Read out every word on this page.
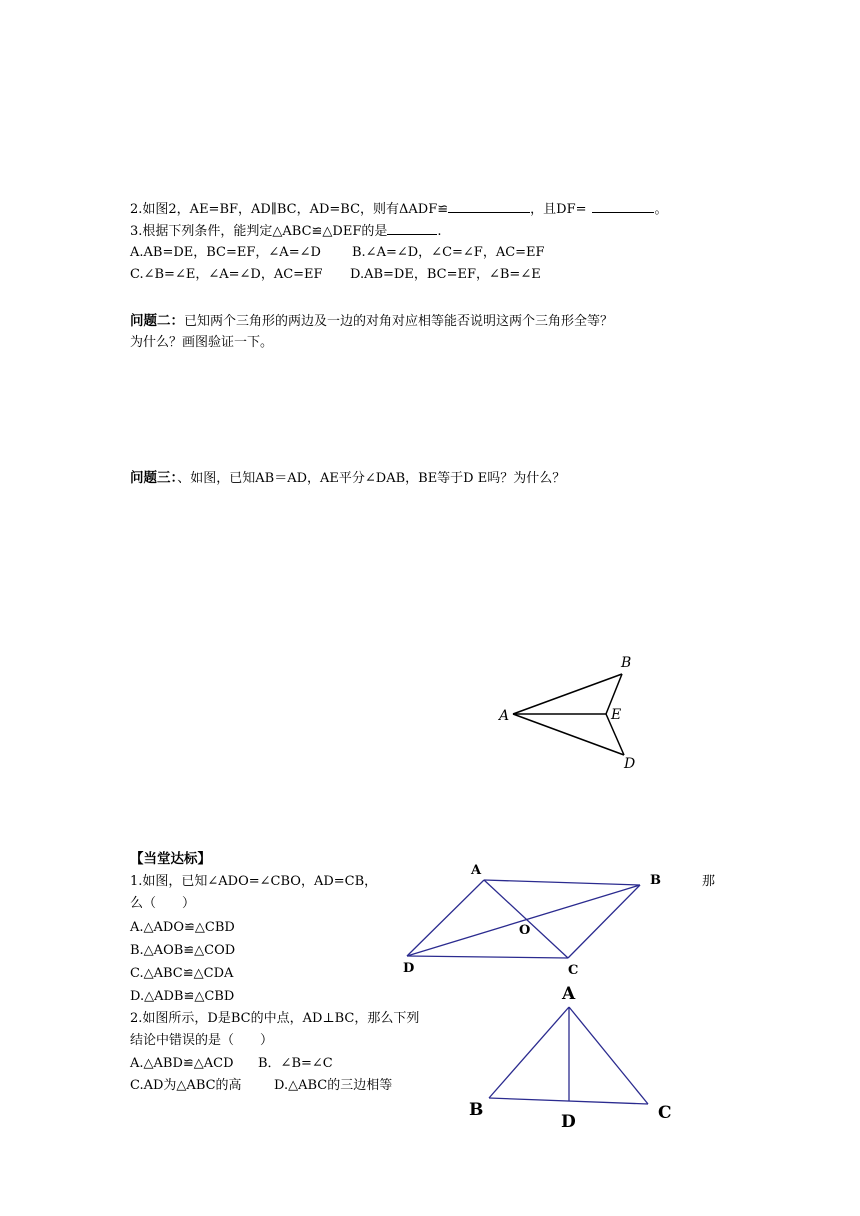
2.如图2，AE=BF，AD∥BC，AD=BC，则有ΔADF≌	，且DF=	。
3.根据下列条件，能判定△ABC≌△DEF的是	.
A.AB=DE，BC=EF，∠A=∠D B.∠A=∠D，∠C=∠F，AC=EF
C.∠B=∠E，∠A=∠D，AC=EF D.AB=DE，BC=EF，∠B=∠E
问题二：已知两个三角形的两边及一边的对角对应相等能否说明这两个三角形全等？
为什么？画图验证一下。
问题三：、如图，已知AB＝AD，AE平分∠DAB，BE等于D E吗？为什么？
A
B
E
D
【当堂达标】
1.如图，已知∠ADO=∠CBO，AD=CB，	那
么（　　）
A.△ADO≌△CBD
B.△AOB≌△COD
C.△ABC≌△CDA
D.△ADB≌△CBD
2.如图所示，D是BC的中点，AD⊥BC，那么下列
结论中错误的是（　　）
A.△ABD≌△ACD B．∠B=∠C
C.AD为△ABC的高 D.△ABC的三边相等
A
B
C
D
O
A
B	C
D
